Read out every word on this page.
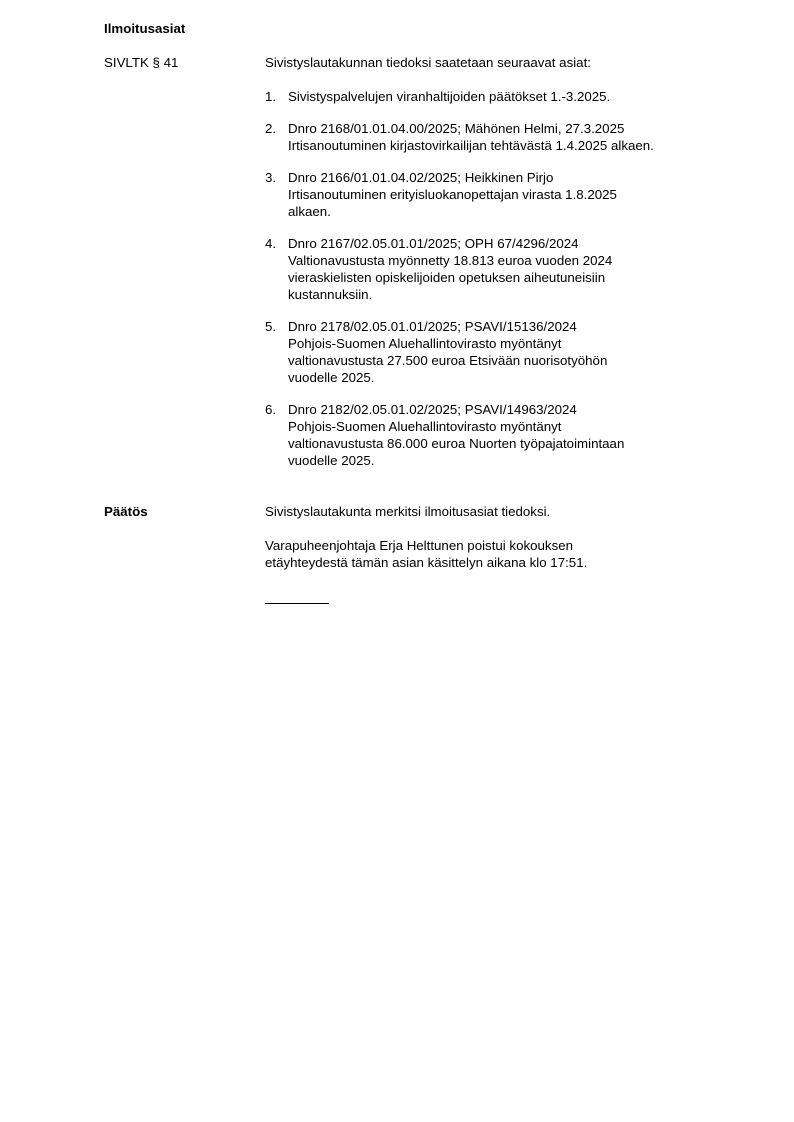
Ilmoitusasiat
SIVLTK § 41	Sivistyslautakunnan tiedoksi saatetaan seuraavat asiat:
1. Sivistyspalvelujen viranhaltijoiden päätökset 1.-3.2025.
2. Dnro 2168/01.01.04.00/2025; Mähönen Helmi, 27.3.2025
Irtisanoutuminen kirjastovirkailijan tehtävästä 1.4.2025 alkaen.
3. Dnro 2166/01.01.04.02/2025; Heikkinen Pirjo
Irtisanoutuminen erityisluokanopettajan virasta 1.8.2025
alkaen.
4. Dnro 2167/02.05.01.01/2025; OPH 67/4296/2024
Valtionavustusta myönnetty 18.813 euroa vuoden 2024
vieraskielisten opiskelijoiden opetuksen aiheutuneisiin
kustannuksiin.
5. Dnro 2178/02.05.01.01/2025; PSAVI/15136/2024
Pohjois-Suomen Aluehallintovirasto myöntänyt
valtionavustusta 27.500 euroa Etsivään nuorisotyöhön
vuodelle 2025.
6. Dnro 2182/02.05.01.02/2025; PSAVI/14963/2024
Pohjois-Suomen Aluehallintovirasto myöntänyt
valtionavustusta 86.000 euroa Nuorten työpajatoimintaan
vuodelle 2025.
Päätös	Sivistyslautakunta merkitsi ilmoitusasiat tiedoksi.
Varapuheenjohtaja Erja Helttunen poistui kokouksen
etäyhteydestä tämän asian käsittelyn aikana klo 17:51.
